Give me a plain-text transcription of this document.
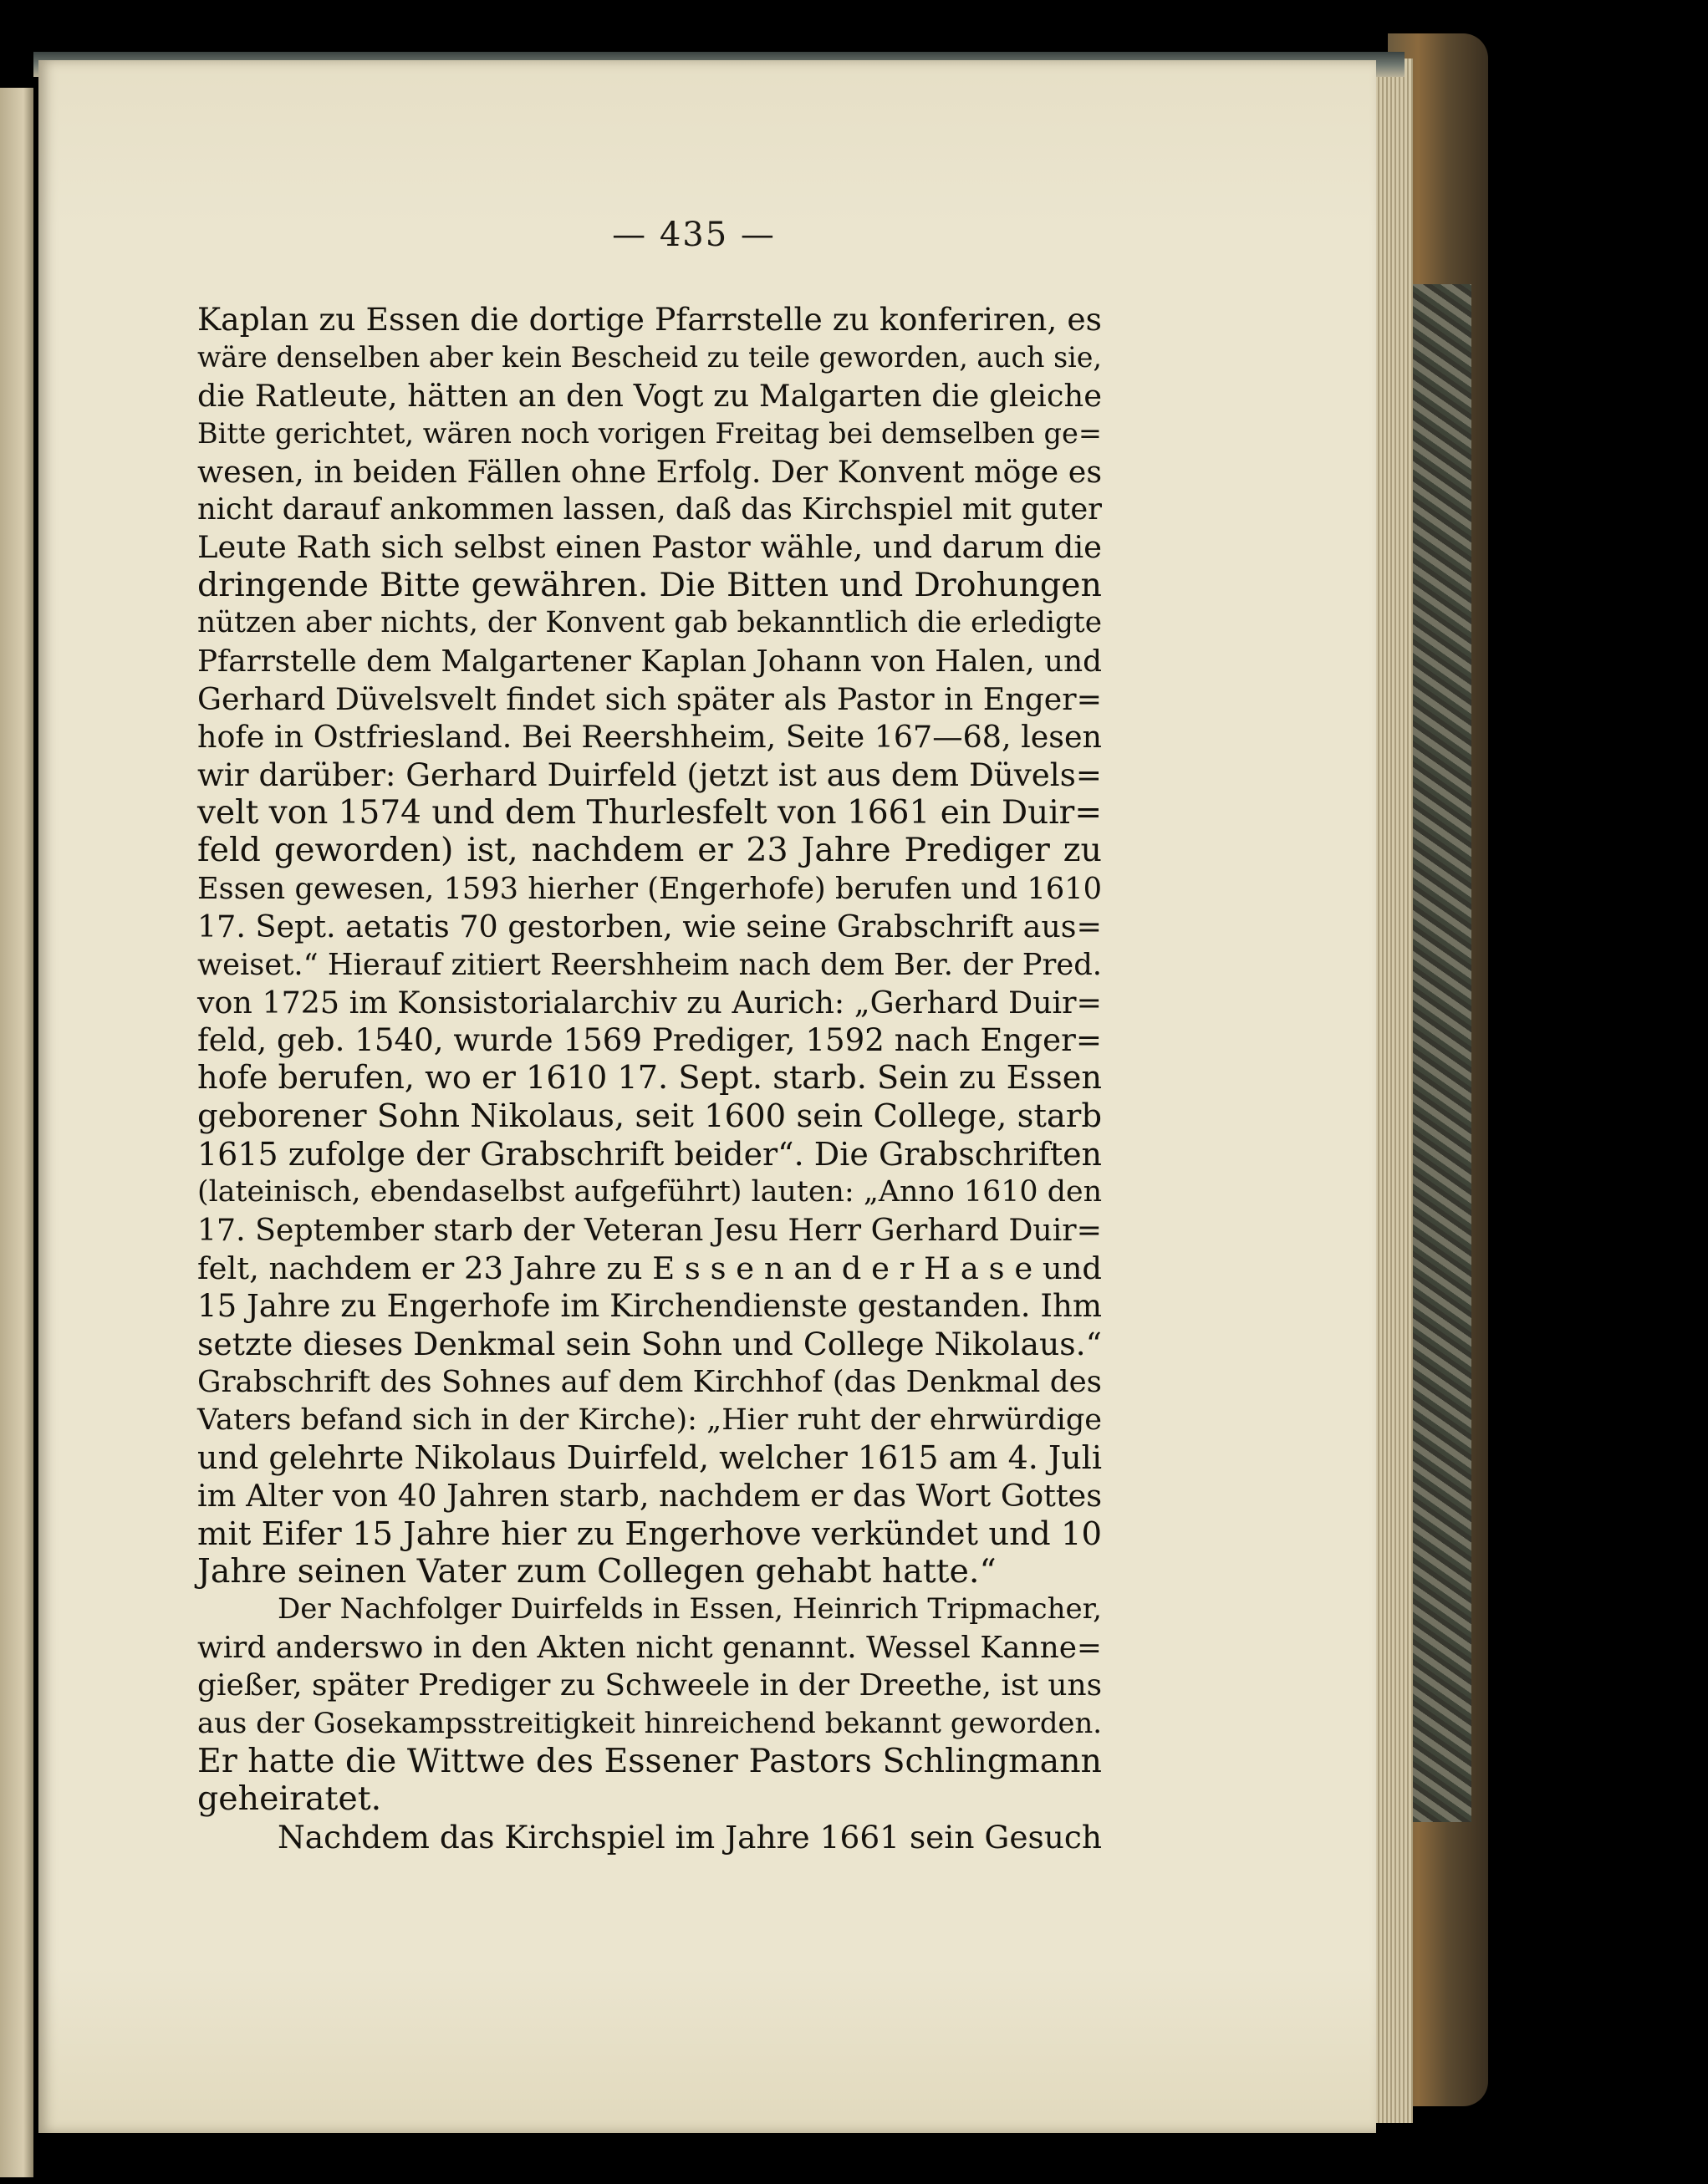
— 435 —
Kaplan zu Essen die dortige Pfarrstelle zu konferiren, es
wäre denselben aber kein Bescheid zu teile geworden, auch sie,
die Ratleute, hätten an den Vogt zu Malgarten die gleiche
Bitte gerichtet, wären noch vorigen Freitag bei demselben ge=
wesen, in beiden Fällen ohne Erfolg. Der Konvent möge es
nicht darauf ankommen lassen, daß das Kirchspiel mit guter
Leute Rath sich selbst einen Pastor wähle, und darum die
dringende Bitte gewähren. Die Bitten und Drohungen
nützen aber nichts, der Konvent gab bekanntlich die erledigte
Pfarrstelle dem Malgartener Kaplan Johann von Halen, und
Gerhard Düvelsvelt findet sich später als Pastor in Enger=
hofe in Ostfriesland. Bei Reershheim, Seite 167—68, lesen
wir darüber: Gerhard Duirfeld (jetzt ist aus dem Düvels=
velt von 1574 und dem Thurlesfelt von 1661 ein Duir=
feld geworden) ist, nachdem er 23 Jahre Prediger zu
Essen gewesen, 1593 hierher (Engerhofe) berufen und 1610
17. Sept. aetatis 70 gestorben, wie seine Grabschrift aus=
weiset.“ Hierauf zitiert Reershheim nach dem Ber. der Pred.
von 1725 im Konsistorialarchiv zu Aurich: „Gerhard Duir=
feld, geb. 1540, wurde 1569 Prediger, 1592 nach Enger=
hofe berufen, wo er 1610 17. Sept. starb. Sein zu Essen
geborener Sohn Nikolaus, seit 1600 sein College, starb
1615 zufolge der Grabschrift beider“. Die Grabschriften
(lateinisch, ebendaselbst aufgeführt) lauten: „Anno 1610 den
17. September starb der Veteran Jesu Herr Gerhard Duir=
felt, nachdem er 23 Jahre zu E s s e n an d e r H a s e und
15 Jahre zu Engerhofe im Kirchendienste gestanden. Ihm
setzte dieses Denkmal sein Sohn und College Nikolaus.“
Grabschrift des Sohnes auf dem Kirchhof (das Denkmal des
Vaters befand sich in der Kirche): „Hier ruht der ehrwürdige
und gelehrte Nikolaus Duirfeld, welcher 1615 am 4. Juli
im Alter von 40 Jahren starb, nachdem er das Wort Gottes
mit Eifer 15 Jahre hier zu Engerhove verkündet und 10
Jahre seinen Vater zum Collegen gehabt hatte.“
Der Nachfolger Duirfelds in Essen, Heinrich Tripmacher,
wird anderswo in den Akten nicht genannt. Wessel Kanne=
gießer, später Prediger zu Schweele in der Dreethe, ist uns
aus der Gosekampsstreitigkeit hinreichend bekannt geworden.
Er hatte die Wittwe des Essener Pastors Schlingmann
geheiratet.
Nachdem das Kirchspiel im Jahre 1661 sein Gesuch
